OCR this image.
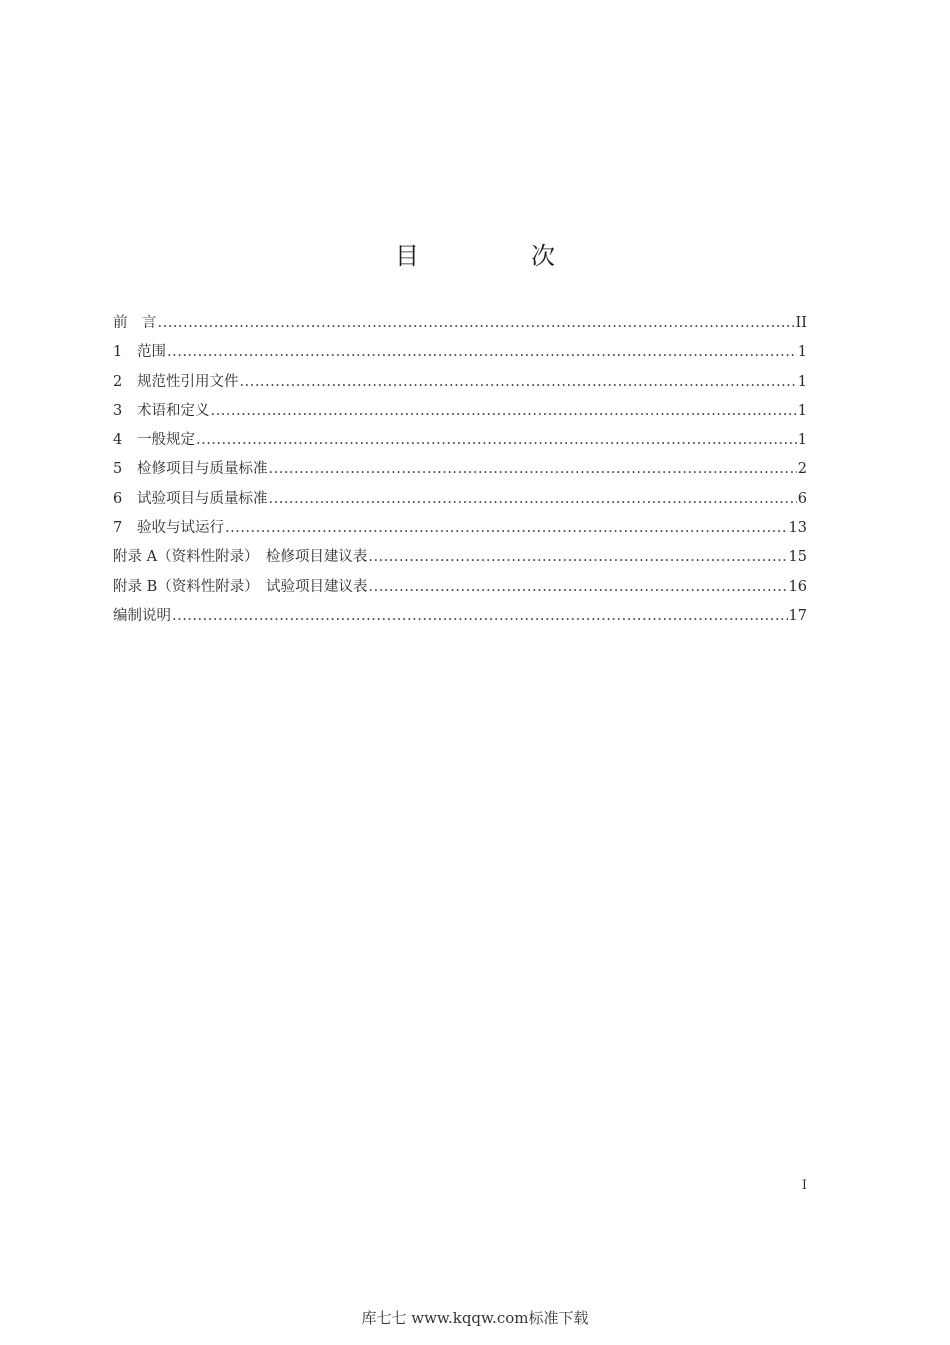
目　次
前　言 .....	II
1	范围 .....	1
2	规范性引用文件 .....	1
3	术语和定义 .....	1
4	一般规定 .....	1
5	检修项目与质量标准 .....	2
6	试验项目与质量标准 .....	6
7	验收与试运行 .....	13
附录 A（资料性附录）　检修项目建议表 .....	15
附录 B（资料性附录）　试验项目建议表 .....	16
编制说明 .....	17
I
库七七 www.kqqw.com标准下载
